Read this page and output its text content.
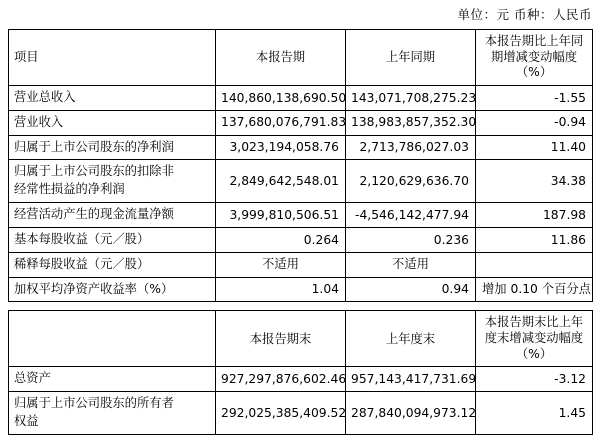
单位：元 币种：人民币
项目	本报告期	上年同期	本报告期比上年同
期增减变动幅度
（%）

营业总收入	140,860,138,690.50	143,071,708,275.23	-1.55
营业收入	137,680,076,791.83	138,983,857,352.30	-0.94
归属于上市公司股东的净利润	3,023,194,058.76	2,713,786,027.03	11.40
归属于上市公司股东的扣除非
经常性损益的净利润	2,849,642,548.01	2,120,629,636.70	34.38
经营活动产生的现金流量净额	3,999,810,506.51	-4,546,142,477.94	187.98
基本每股收益（元／股）	0.264	0.236	11.86
稀释每股收益（元／股）	不适用	不适用	
加权平均净资产收益率（%）	1.04	0.94	增加 0.10 个百分点
	本报告期末	上年度末	本报告期末比上年
度末增减变动幅度
（%）

总资产	927,297,876,602.46	957,143,417,731.69	-3.12
归属于上市公司股东的所有者
权益	292,025,385,409.52	287,840,094,973.12	1.45
